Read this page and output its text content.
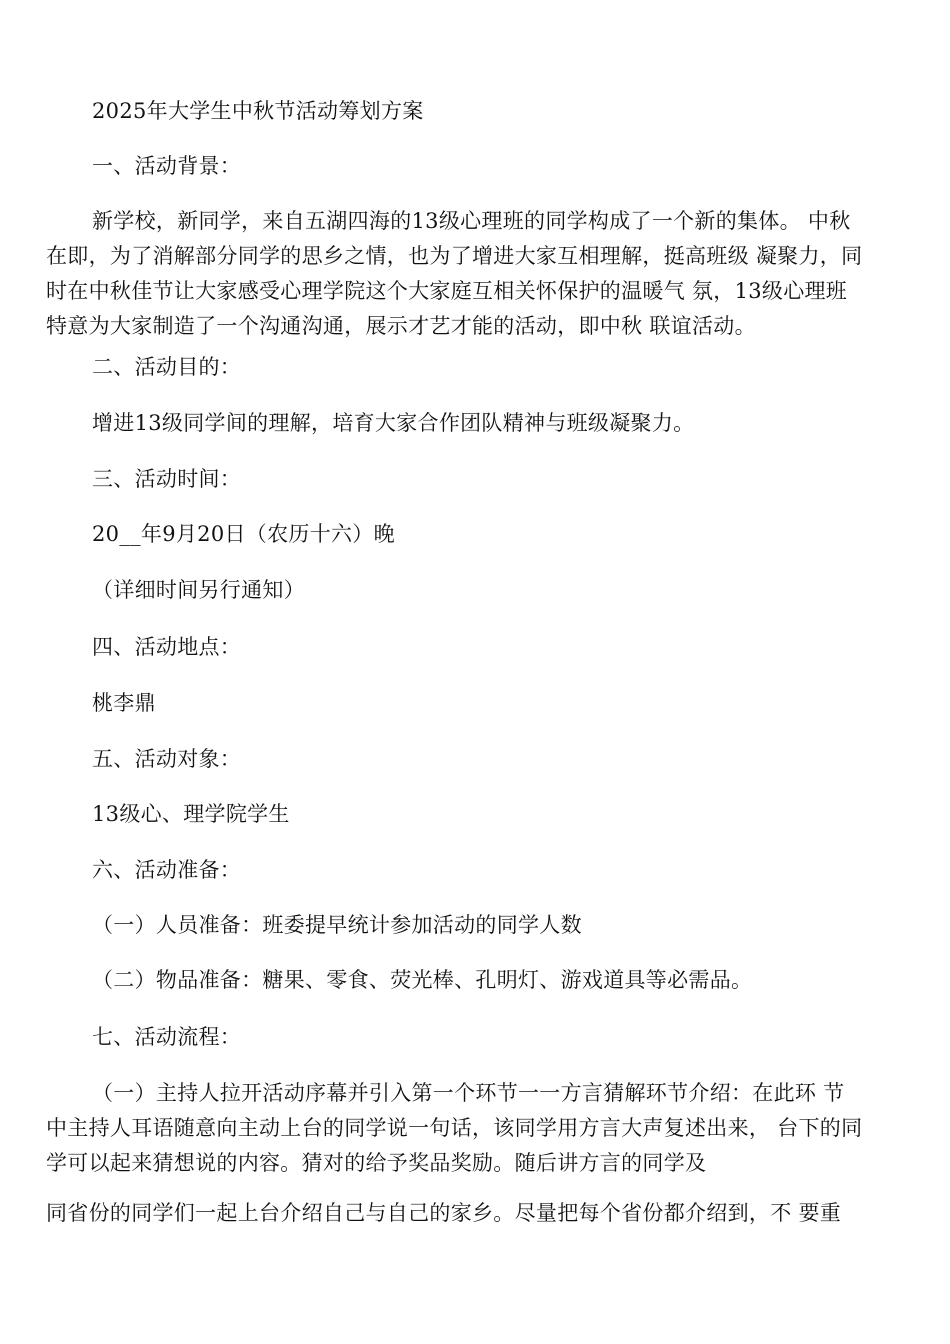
2025年大学生中秋节活动筹划方案
一、活动背景：
新学校，新同学，来自五湖四海的13级心理班的同学构成了一个新的集体。 中秋
在即，为了消解部分同学的思乡之情，也为了增进大家互相理解，挺高班级 凝聚力，同
时在中秋佳节让大家感受心理学院这个大家庭互相关怀保护的温暖气 氛，13级心理班
特意为大家制造了一个沟通沟通，展示才艺才能的活动，即中秋 联谊活动。
二、活动目的：
增进13级同学间的理解，培育大家合作团队精神与班级凝聚力。
三、活动时间：
20__年9月20日（农历十六）晚
（详细时间另行通知）
四、活动地点：
桃李鼎
五、活动对象：
13级心、理学院学生
六、活动准备：
（一）人员准备：班委提早统计参加活动的同学人数
（二）物品准备：糖果、零食、荧光棒、孔明灯、游戏道具等必需品。
七、活动流程：
（一）主持人拉开活动序幕并引入第一个环节一一方言猜解环节介绍：在此环 节
中主持人耳语随意向主动上台的同学说一句话，该同学用方言大声复述出来， 台下的同
学可以起来猜想说的内容。猜对的给予奖品奖励。随后讲方言的同学及
同省份的同学们一起上台介绍自己与自己的家乡。尽量把每个省份都介绍到，不 要重
